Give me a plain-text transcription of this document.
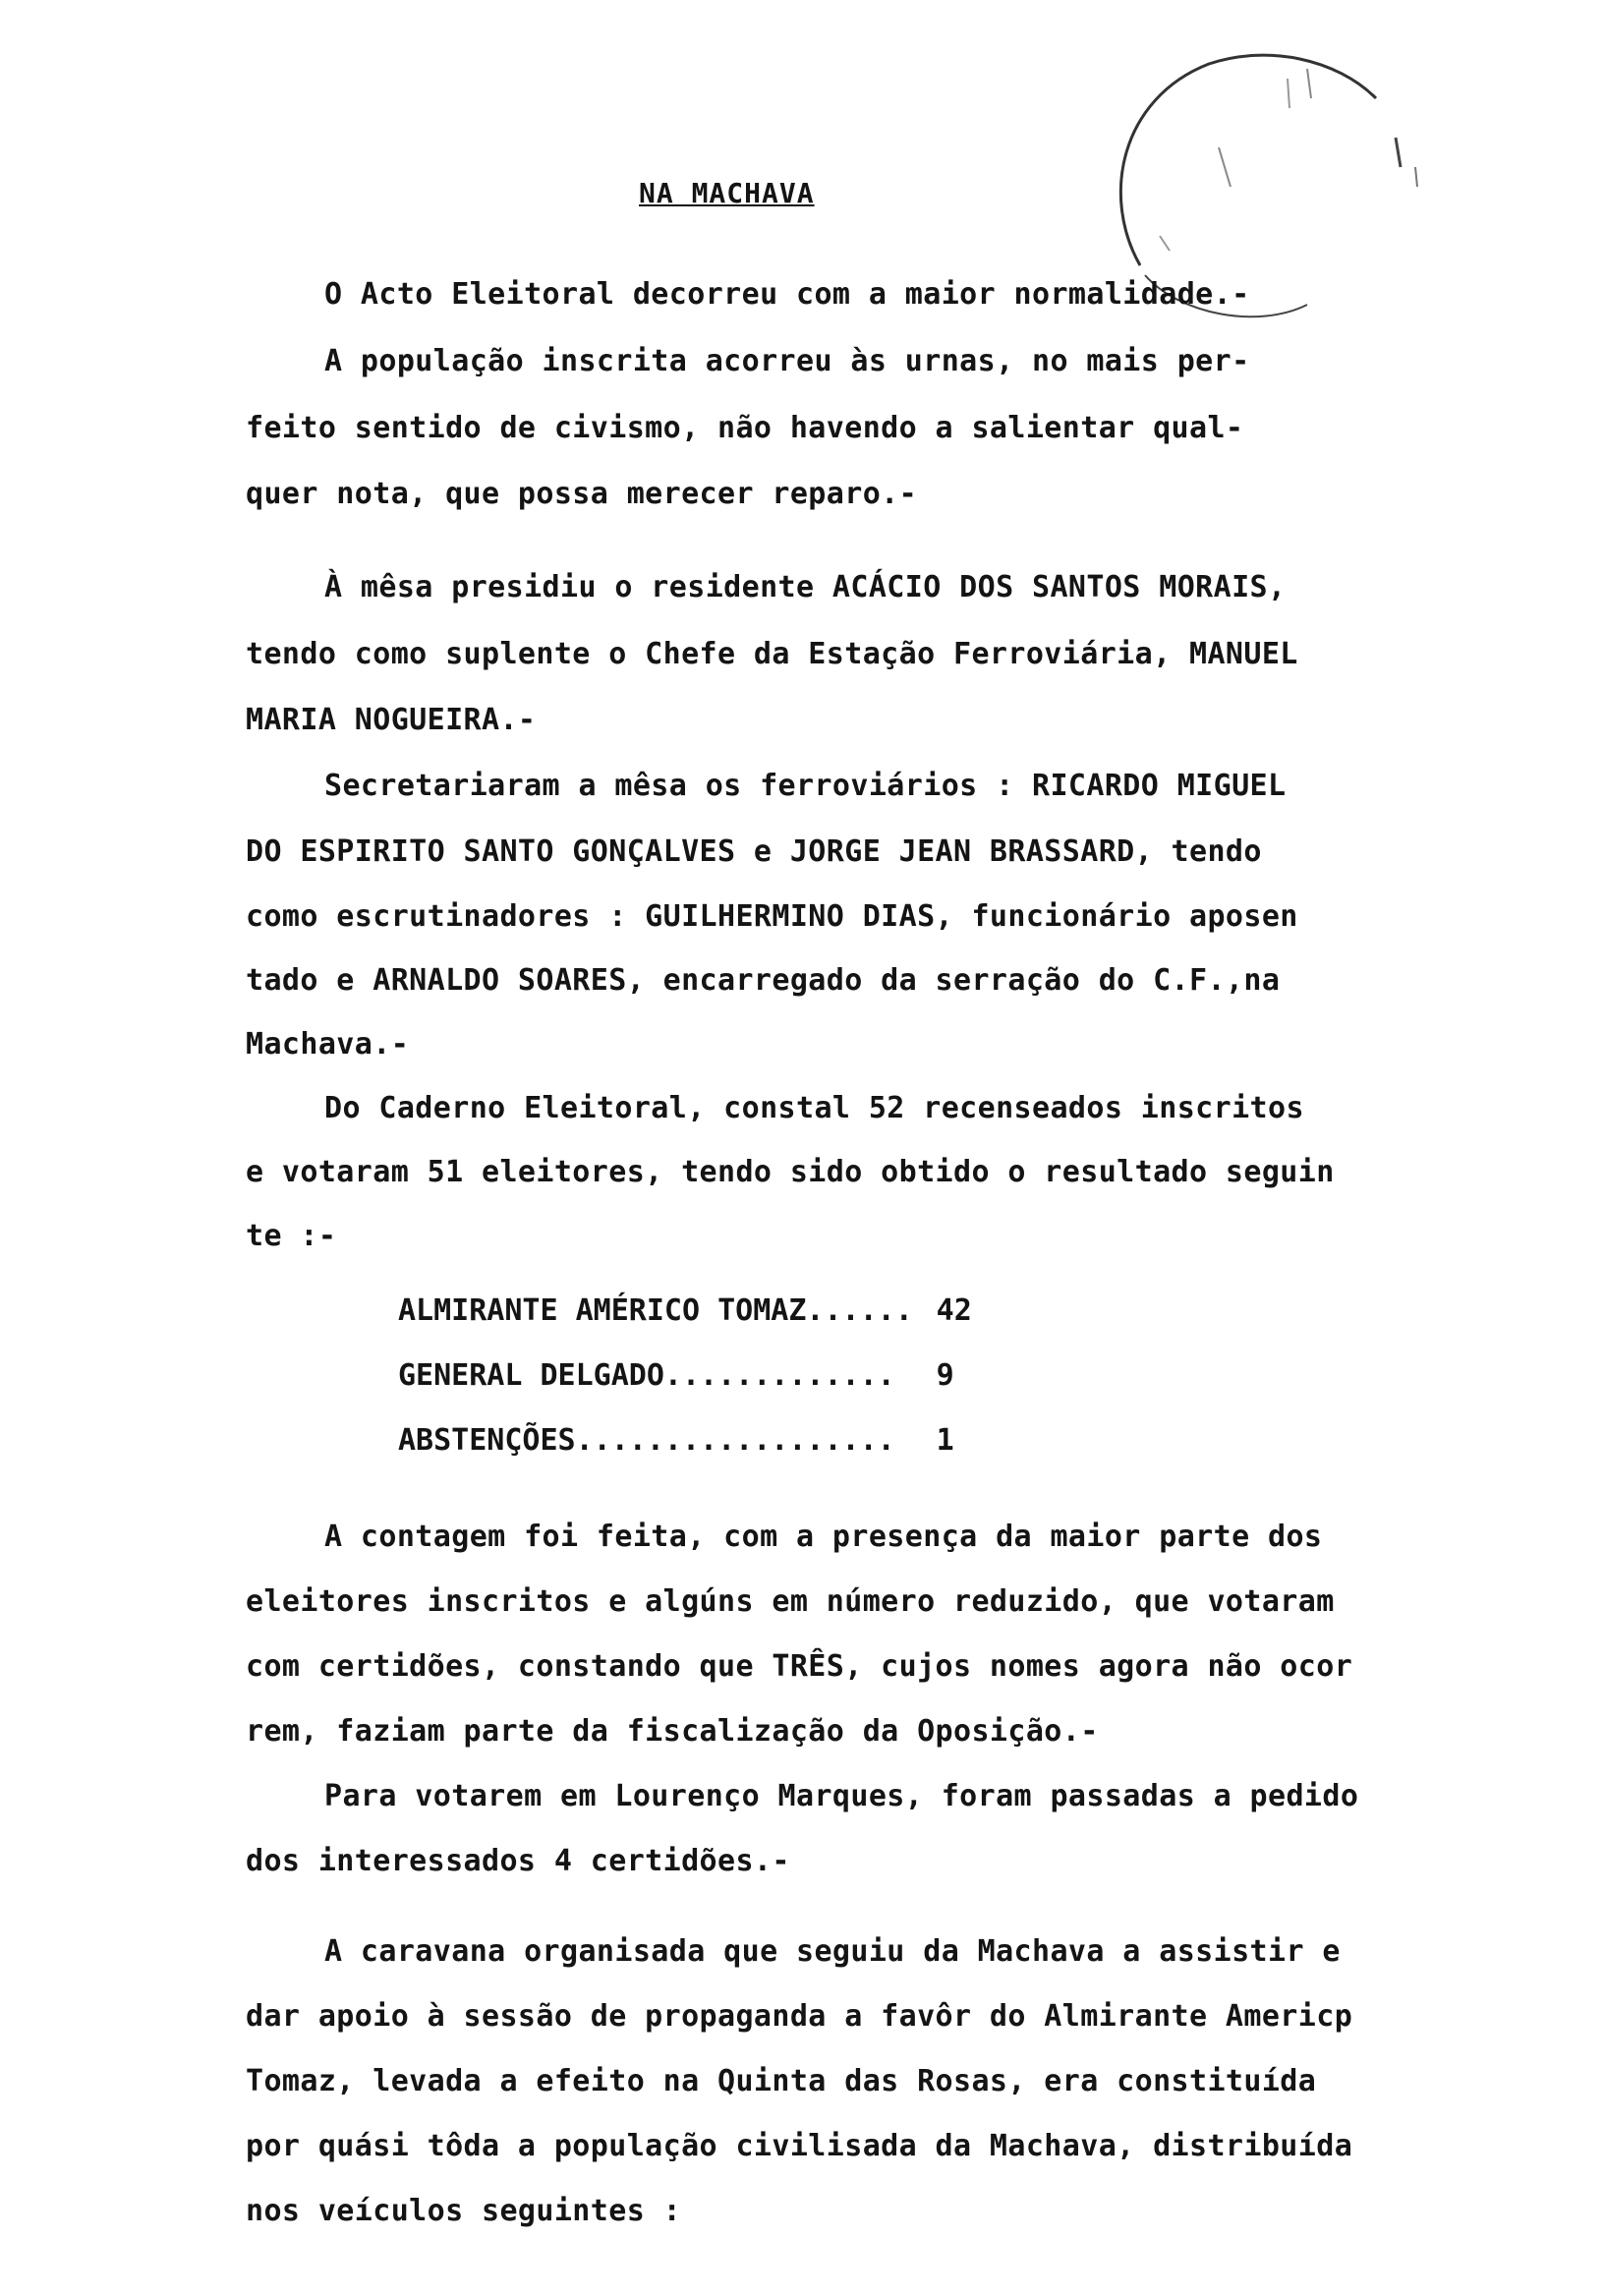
NA MACHAVA
O Acto Eleitoral decorreu com a maior normalidade.-
A população inscrita acorreu às urnas, no mais per-
feito sentido de civismo, não havendo a salientar qual-
quer nota, que possa merecer reparo.-
À mêsa presidiu o residente ACÁCIO DOS SANTOS MORAIS,
tendo como suplente o Chefe da Estação Ferroviária, MANUEL
MARIA NOGUEIRA.-
Secretariaram a mêsa os ferroviários : RICARDO MIGUEL
DO ESPIRITO SANTO GONÇALVES e JORGE JEAN BRASSARD, tendo
como escrutinadores : GUILHERMINO DIAS, funcionário aposen
tado e ARNALDO SOARES, encarregado da serração do C.F.,na
Machava.-
Do Caderno Eleitoral, constal 52 recenseados inscritos
e votaram 51 eleitores, tendo sido obtido o resultado seguin
te :-
ALMIRANTE AMÉRICO TOMAZ...... 42
GENERAL DELGADO.............	9
ABSTENÇÕES..................	1
A contagem foi feita, com a presença da maior parte dos
eleitores inscritos e algúns em número reduzido, que votaram
com certidões, constando que TRÊS, cujos nomes agora não ocor
rem, faziam parte da fiscalização da Oposição.-
Para votarem em Lourenço Marques, foram passadas a pedido
dos interessados 4 certidões.-
A caravana organisada que seguiu da Machava a assistir e
dar apoio à sessão de propaganda a favôr do Almirante Americp
Tomaz, levada a efeito na Quinta das Rosas, era constituída
por quási tôda a população civilisada da Machava, distribuída
nos veículos seguintes :
